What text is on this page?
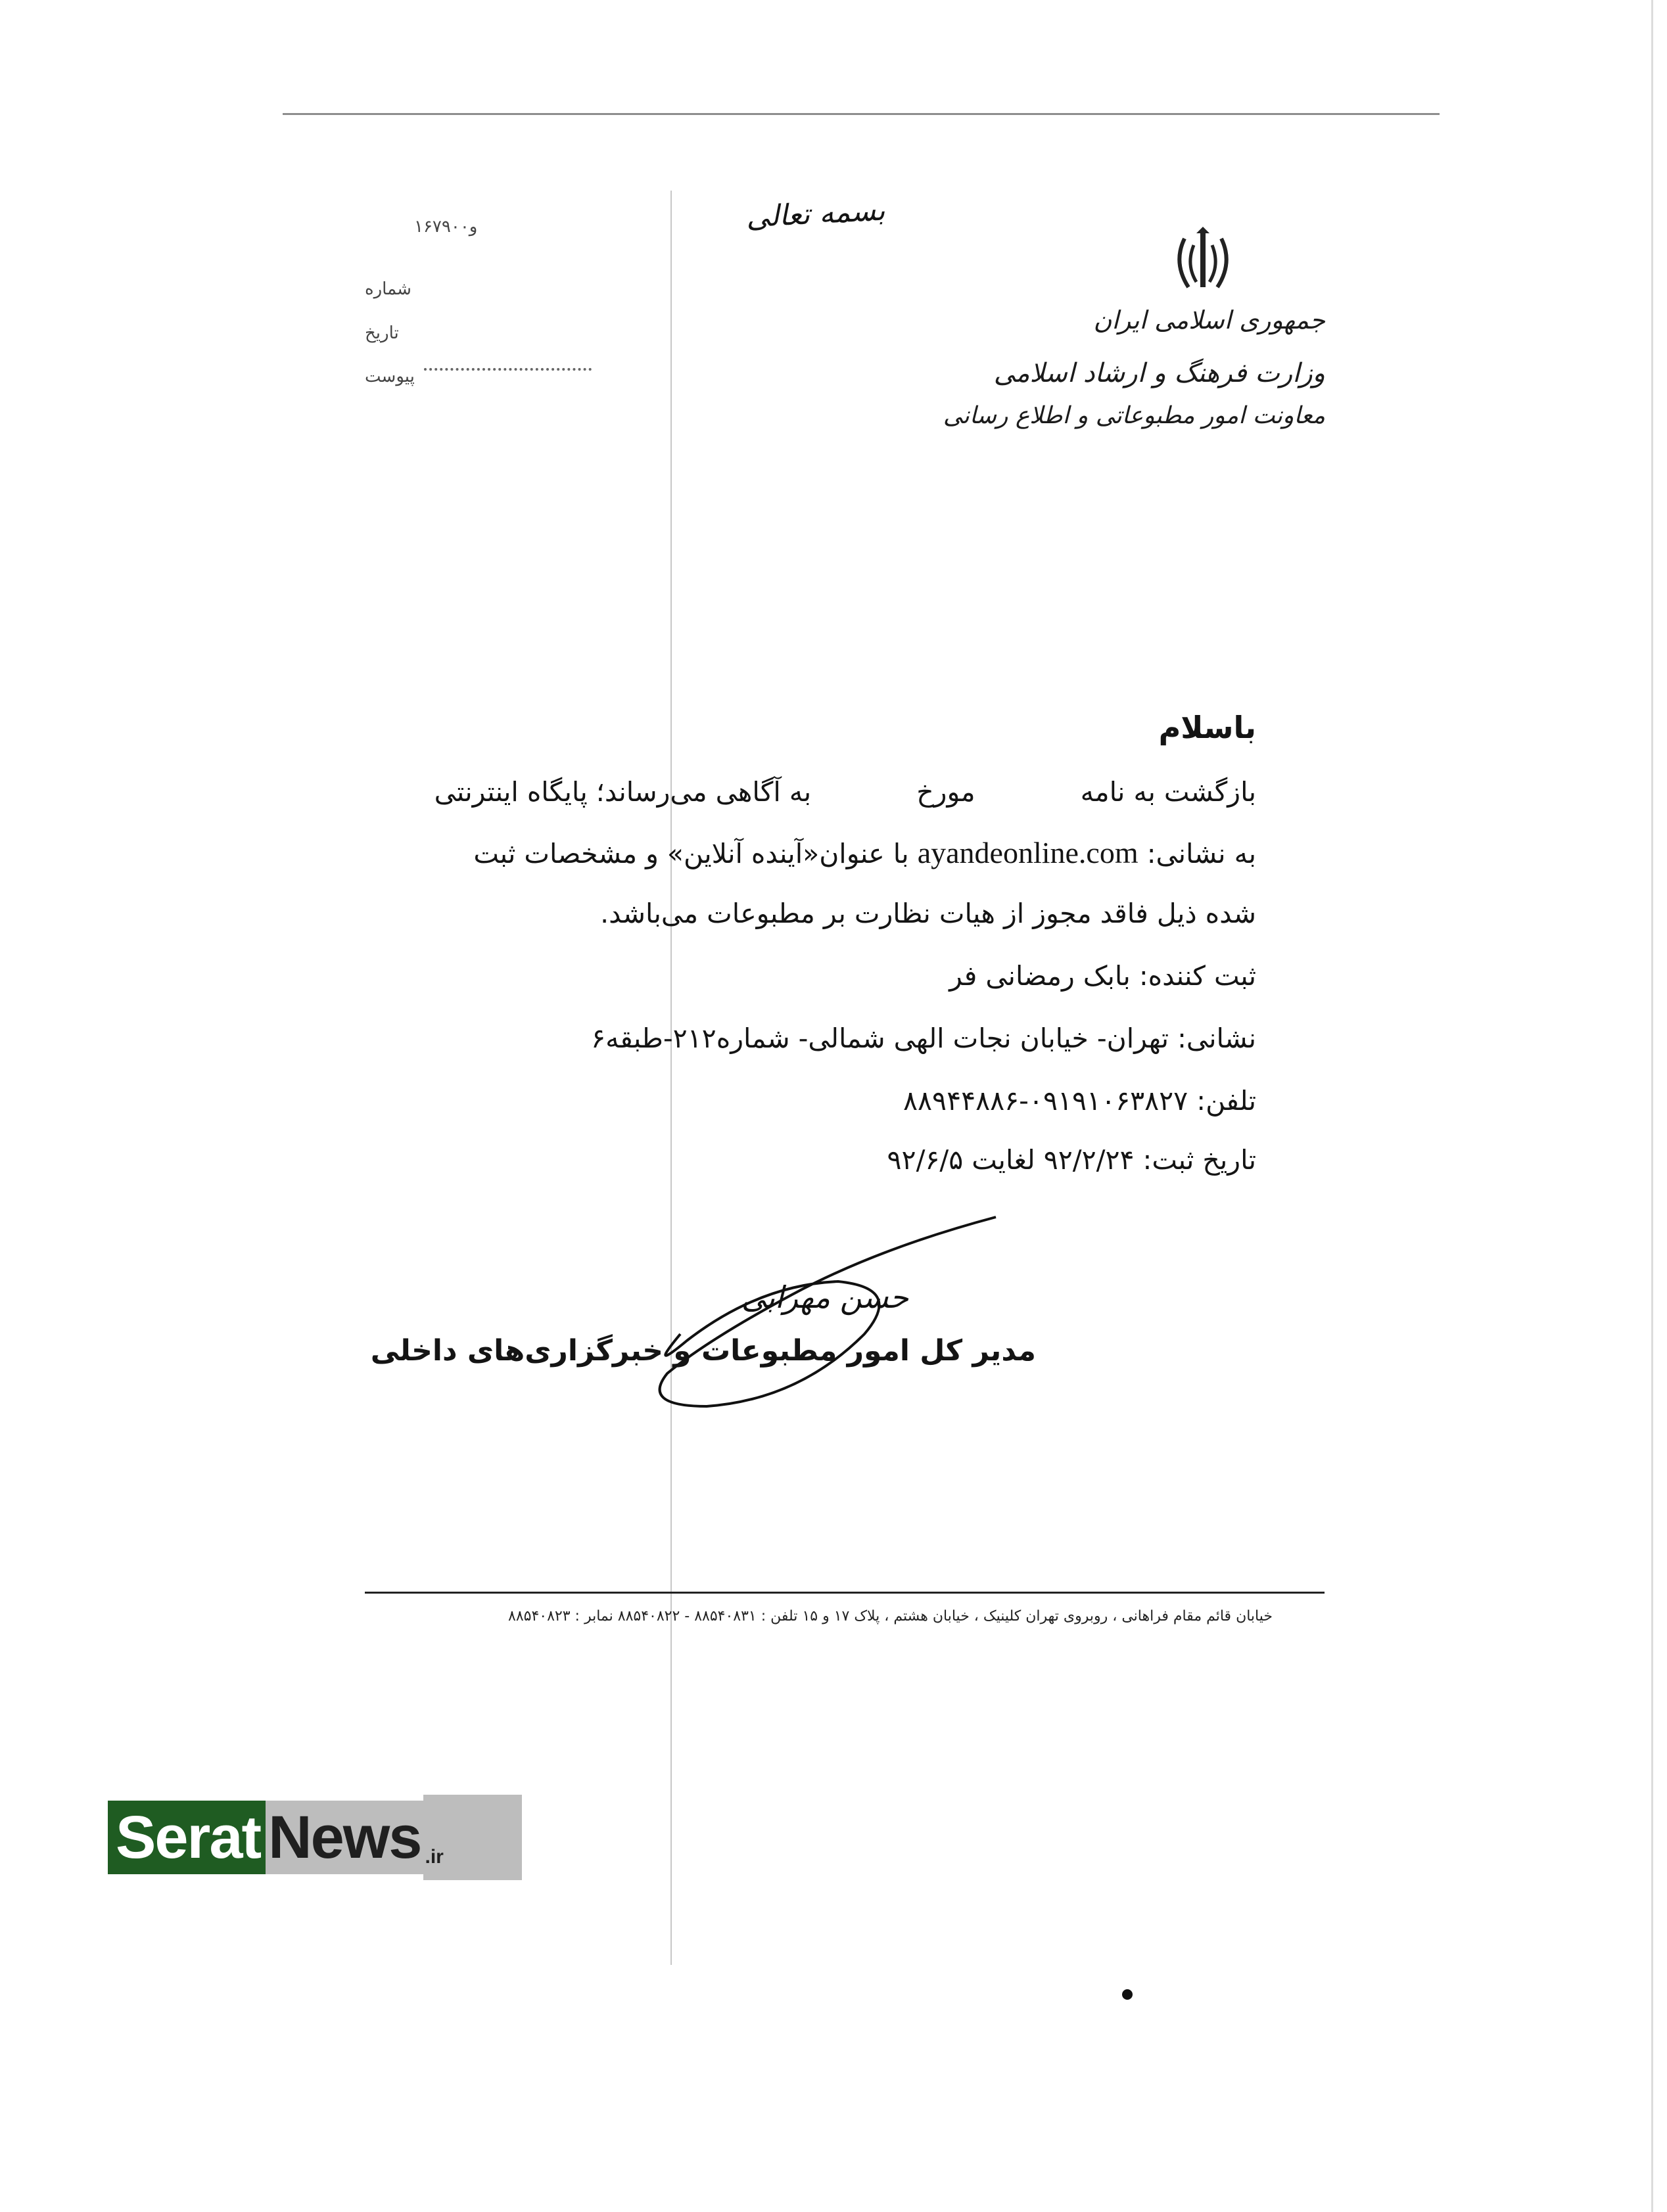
بسمه تعالی
و۱۶۷۹۰۰
شماره
تاریخ
پیوست
جمهوری اسلامی ایران
وزارت فرهنگ و ارشاد اسلامی
معاونت امور مطبوعاتی و اطلاع رسانی
باسلام
بازگشت به نامهمورخبه آگاهی می‌رساند؛ پایگاه اینترنتی
به نشانی: ayandeonline.com با عنوان«آینده آنلاین» و مشخصات ثبت
شده ذیل فاقد مجوز از هیات نظارت بر مطبوعات می‌باشد.
ثبت کننده: بابک رمضانی فر
نشانی: تهران- خیابان نجات الهی شمالی- شماره۲۱۲-طبقه۶
تلفن: ۰۹۱۹۱۰۶۳۸۲۷-۸۸۹۴۴۸۸۶
تاریخ ثبت: ۹۲/۲/۲۴ لغایت ۹۲/۶/۵
حسن مهرابی
مدیر کل امور مطبوعات و خبرگزاری‌های داخلی
خیابان قائم مقام فراهانی ، روبروی تهران کلینیک ، خیابان هشتم ، پلاک ۱۷ و ۱۵ تلفن : ۸۸۵۴۰۸۳۱ - ۸۸۵۴۰۸۲۲ نمابر : ۸۸۵۴۰۸۲۳
Serat News .ir
